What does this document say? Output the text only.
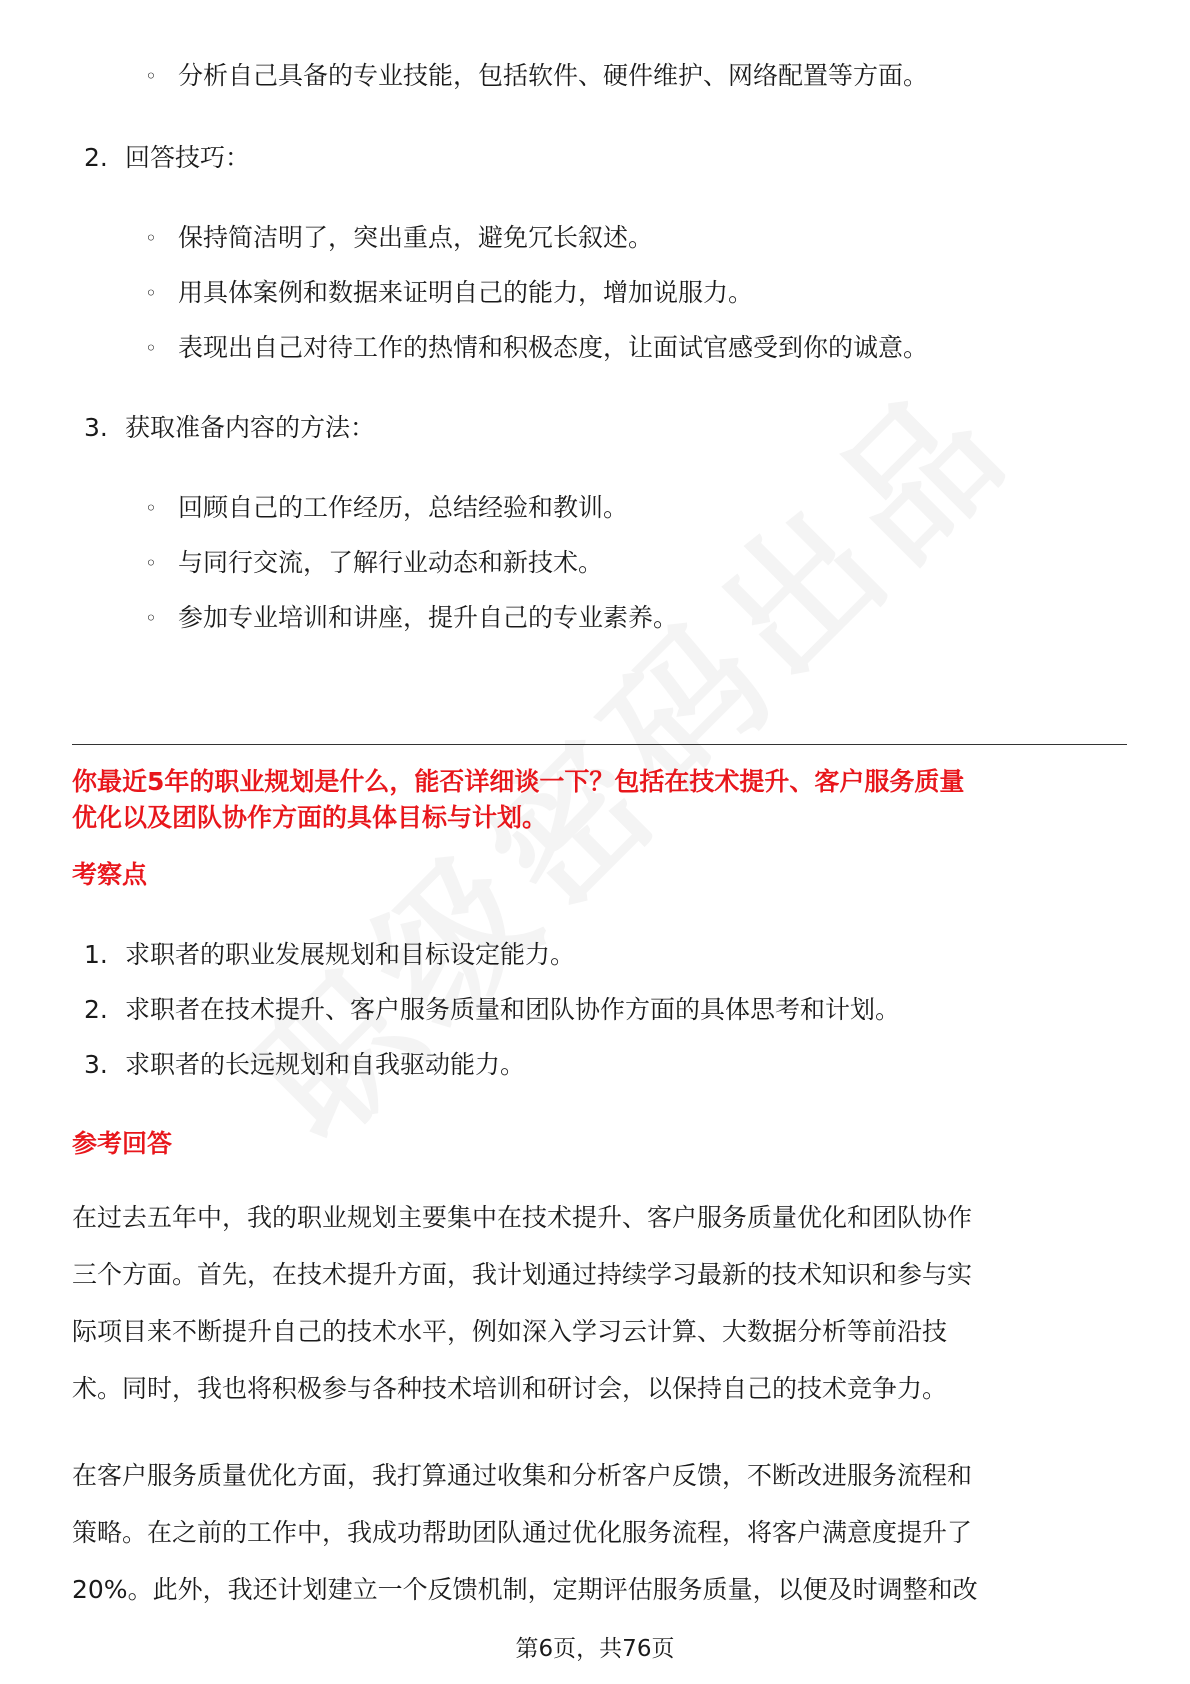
◦ 分析自己具备的专业技能，包括软件、硬件维护、网络配置等方面。
2. 回答技巧：
◦ 保持简洁明了，突出重点，避免冗长叙述。
◦ 用具体案例和数据来证明自己的能力，增加说服力。
◦ 表现出自己对待工作的热情和积极态度，让面试官感受到你的诚意。
3. 获取准备内容的方法：
◦ 回顾自己的工作经历，总结经验和教训。
◦ 与同行交流，了解行业动态和新技术。
◦ 参加专业培训和讲座，提升自己的专业素养。
你最近5年的职业规划是什么，能否详细谈一下？包括在技术提升、客户服务质量
优化以及团队协作方面的具体目标与计划。
考察点
1. 求职者的职业发展规划和目标设定能力。
2. 求职者在技术提升、客户服务质量和团队协作方面的具体思考和计划。
3. 求职者的长远规划和自我驱动能力。
参考回答
在过去五年中，我的职业规划主要集中在技术提升、客户服务质量优化和团队协作
三个方面。首先，在技术提升方面，我计划通过持续学习最新的技术知识和参与实
际项目来不断提升自己的技术水平，例如深入学习云计算、大数据分析等前沿技
术。同时，我也将积极参与各种技术培训和研讨会，以保持自己的技术竞争力。
在客户服务质量优化方面，我打算通过收集和分析客户反馈，不断改进服务流程和
策略。在之前的工作中，我成功帮助团队通过优化服务流程，将客户满意度提升了
20%。此外，我还计划建立一个反馈机制，定期评估服务质量，以便及时调整和改
第6页，共76页
